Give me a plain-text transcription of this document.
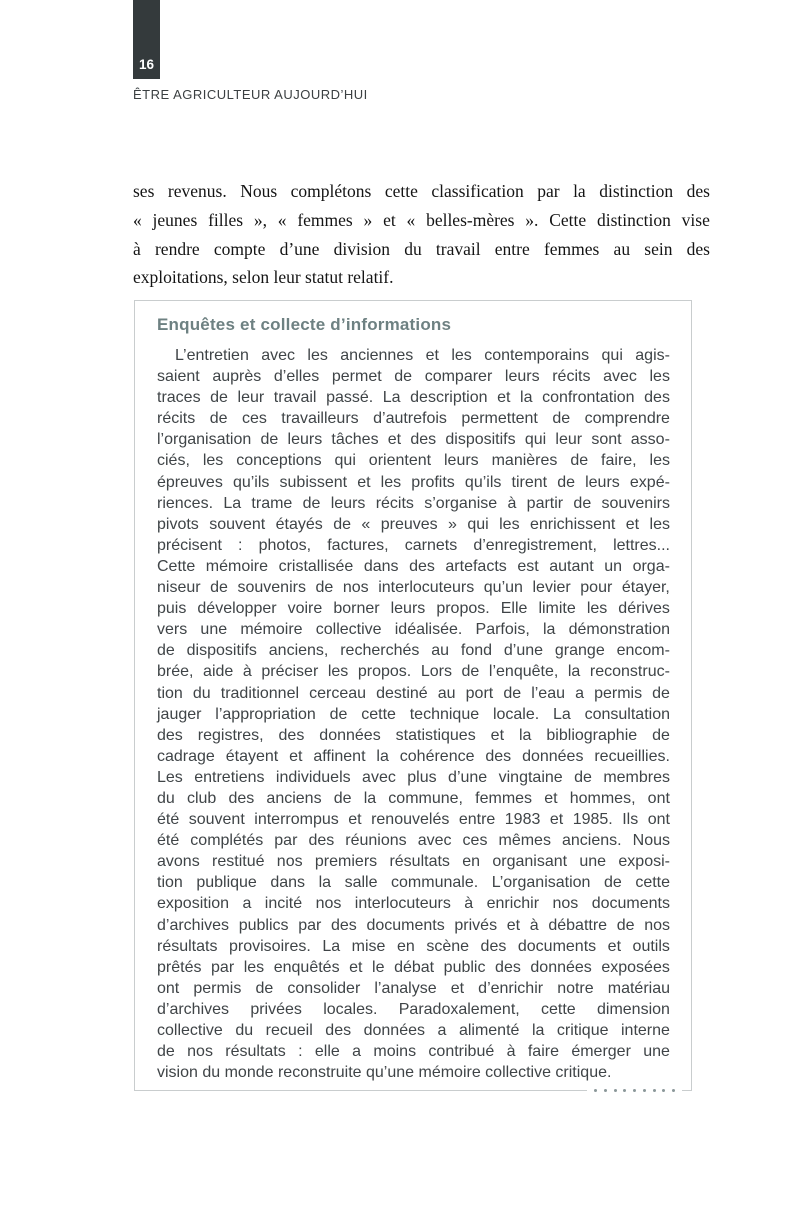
16
ÊTRE AGRICULTEUR AUJOURD’HUI
ses revenus. Nous complétons cette classification par la distinction des
« jeunes filles », « femmes » et « belles-mères ». Cette distinction vise
à rendre compte d’une division du travail entre femmes au sein des
exploitations, selon leur statut relatif.
Enquêtes et collecte d’informations
L’entretien avec les anciennes et les contemporains qui agis-
saient auprès d’elles permet de comparer leurs récits avec les
traces de leur travail passé. La description et la confrontation des
récits de ces travailleurs d’autrefois permettent de comprendre
l’organisation de leurs tâches et des dispositifs qui leur sont asso-
ciés, les conceptions qui orientent leurs manières de faire, les
épreuves qu’ils subissent et les profits qu’ils tirent de leurs expé-
riences. La trame de leurs récits s’organise à partir de souvenirs
pivots souvent étayés de « preuves » qui les enrichissent et les
précisent : photos, factures, carnets d’enregistrement, lettres...
Cette mémoire cristallisée dans des artefacts est autant un orga-
niseur de souvenirs de nos interlocuteurs qu’un levier pour étayer,
puis développer voire borner leurs propos. Elle limite les dérives
vers une mémoire collective idéalisée. Parfois, la démonstration
de dispositifs anciens, recherchés au fond d’une grange encom-
brée, aide à préciser les propos. Lors de l’enquête, la reconstruc-
tion du traditionnel cerceau destiné au port de l’eau a permis de
jauger l’appropriation de cette technique locale. La consultation
des registres, des données statistiques et la bibliographie de
cadrage étayent et affinent la cohérence des données recueillies.
Les entretiens individuels avec plus d’une vingtaine de membres
du club des anciens de la commune, femmes et hommes, ont
été souvent interrompus et renouvelés entre 1983 et 1985. Ils ont
été complétés par des réunions avec ces mêmes anciens. Nous
avons restitué nos premiers résultats en organisant une exposi-
tion publique dans la salle communale. L’organisation de cette
exposition a incité nos interlocuteurs à enrichir nos documents
d’archives publics par des documents privés et à débattre de nos
résultats provisoires. La mise en scène des documents et outils
prêtés par les enquêtés et le débat public des données exposées
ont permis de consolider l’analyse et d’enrichir notre matériau
d’archives privées locales. Paradoxalement, cette dimension
collective du recueil des données a alimenté la critique interne
de nos résultats : elle a moins contribué à faire émerger une
vision du monde reconstruite qu’une mémoire collective critique.
